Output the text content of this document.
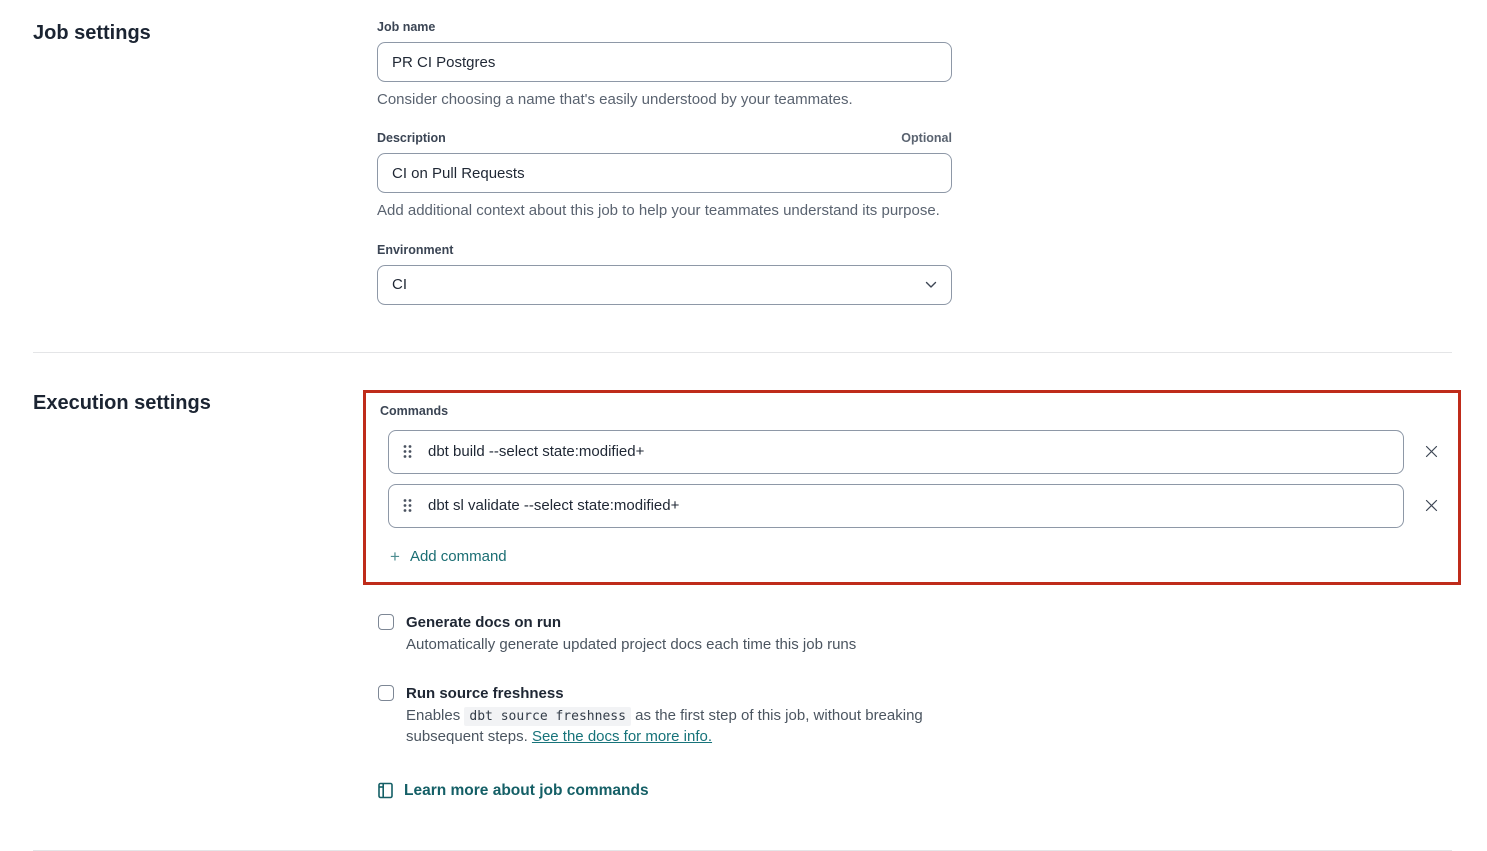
Job settings	Job name
PR CI Postgres

Consider choosing a name that's easily understood by your teammates.

Description	Optional
CI on Pull Requests

Add additional context about this job to help your teammates understand its purpose.

Environment
CI
Execution settings	Commands
dbt build --select state:modified+
dbt sl validate --select state:modified+
+ Add command
Generate docs on run

Automatically generate updated project docs each time this job runs

Run source freshness

Enables dbt source freshness as the first step of this job, without breaking subsequent steps. See the docs for more info.

Learn more about job commands
